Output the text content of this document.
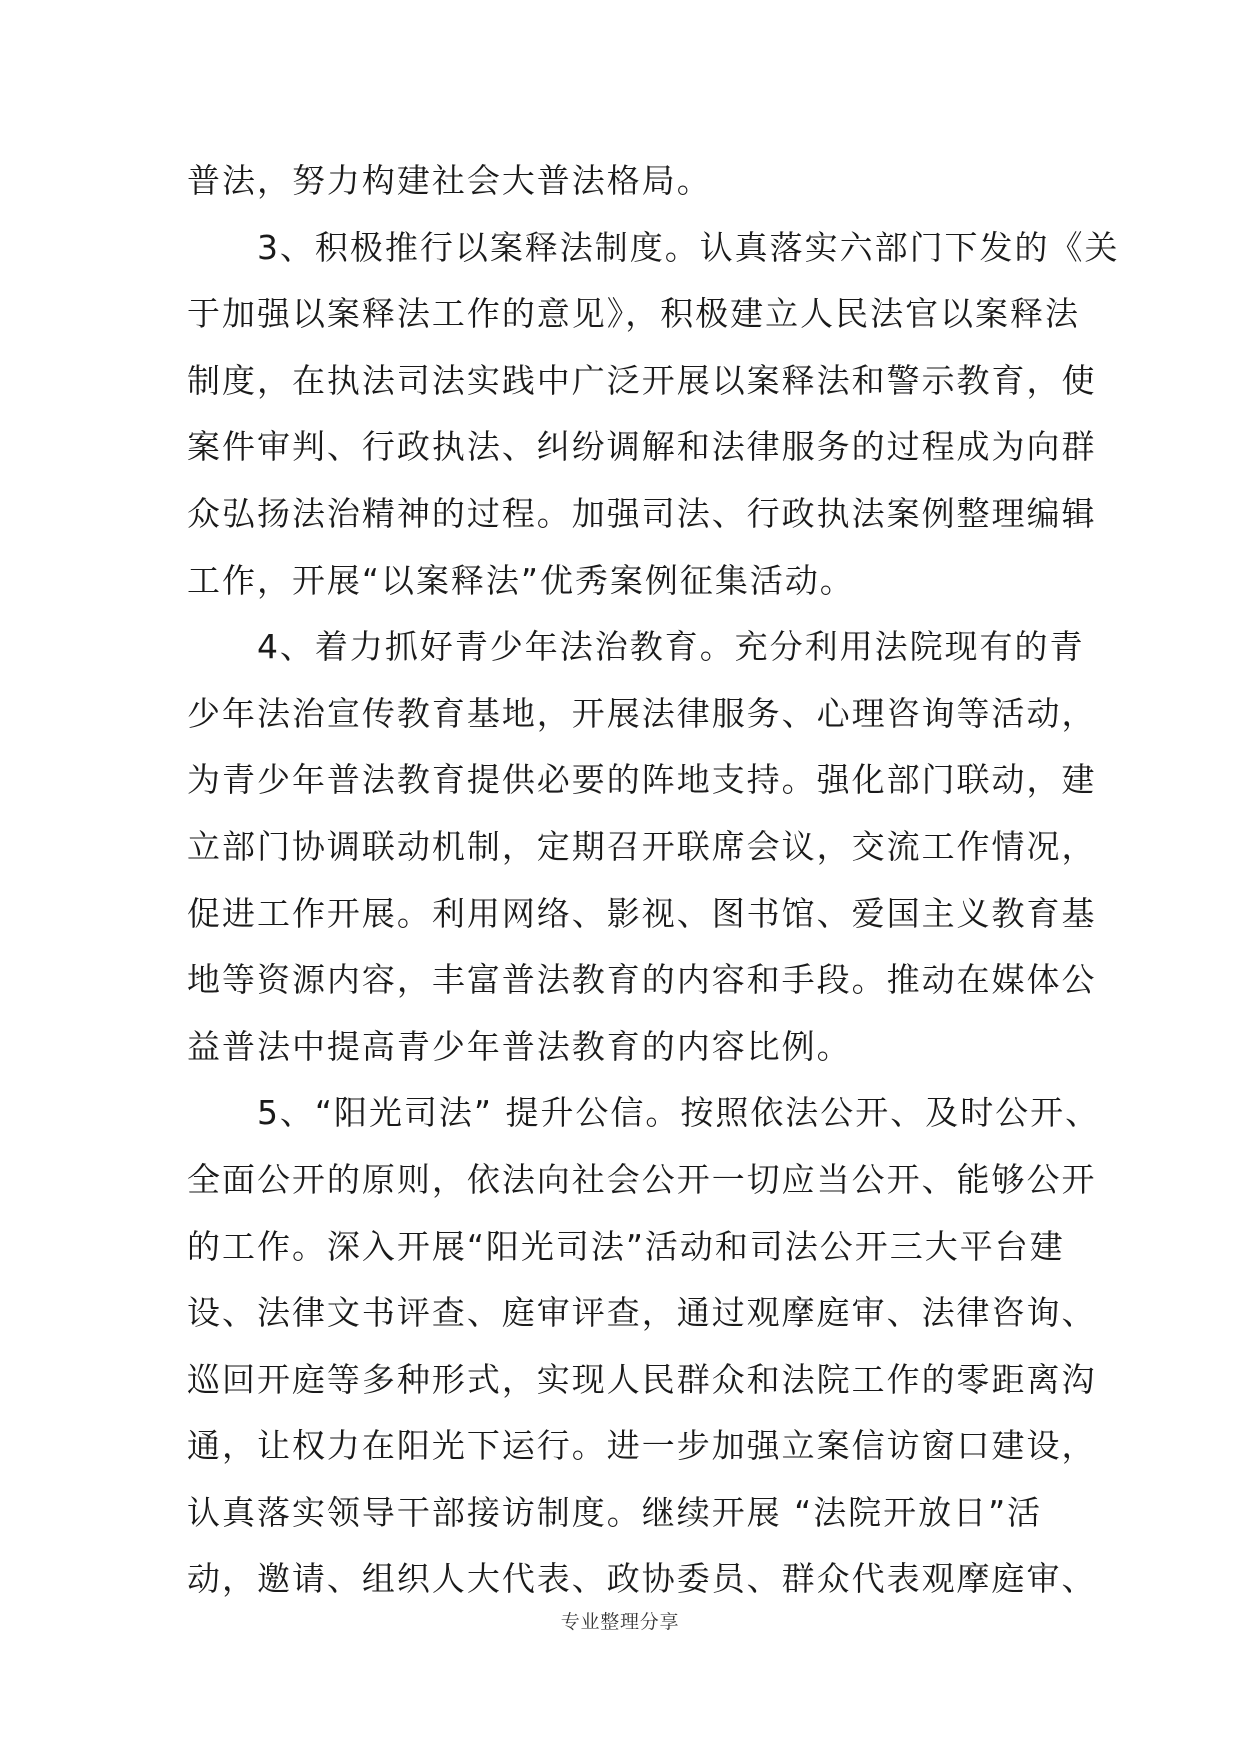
普法，努力构建社会大普法格局。
　　3、积极推行以案释法制度。认真落实六部门下发的《关
于加强以案释法工作的意见》，积极建立人民法官以案释法
制度，在执法司法实践中广泛开展以案释法和警示教育，使
案件审判、行政执法、纠纷调解和法律服务的过程成为向群
众弘扬法治精神的过程。加强司法、行政执法案例整理编辑
工作，开展“以案释法”优秀案例征集活动。
　　4、着力抓好青少年法治教育。充分利用法院现有的青
少年法治宣传教育基地，开展法律服务、心理咨询等活动，
为青少年普法教育提供必要的阵地支持。强化部门联动，建
立部门协调联动机制，定期召开联席会议，交流工作情况，
促进工作开展。利用网络、影视、图书馆、爱国主义教育基
地等资源内容，丰富普法教育的内容和手段。推动在媒体公
益普法中提高青少年普法教育的内容比例。
　　5、“阳光司法” 提升公信。按照依法公开、及时公开、
全面公开的原则，依法向社会公开一切应当公开、能够公开
的工作。深入开展“阳光司法”活动和司法公开三大平台建
设、法律文书评查、庭审评查，通过观摩庭审、法律咨询、
巡回开庭等多种形式，实现人民群众和法院工作的零距离沟
通，让权力在阳光下运行。进一步加强立案信访窗口建设，
认真落实领导干部接访制度。继续开展 “法院开放日”活
动，邀请、组织人大代表、政协委员、群众代表观摩庭审、
专业整理分享
